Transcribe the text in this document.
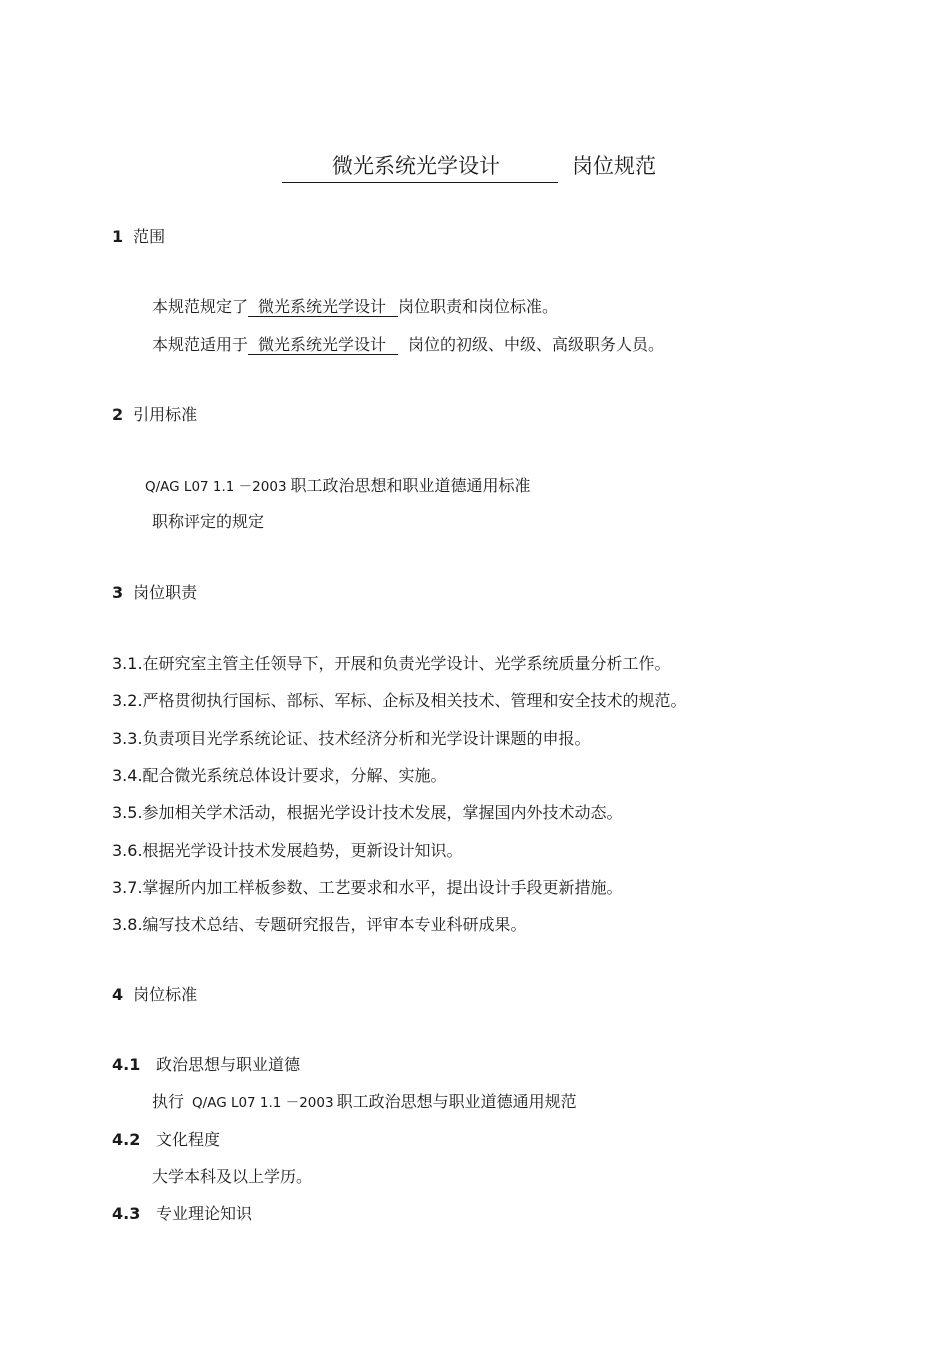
微光系统光学设计	岗位规范
1 范围
本规范规定了 微光系统光学设计 岗位职责和岗位标准。
本规范适用于 微光系统光学设计 岗位的初级、中级、高级职务人员。
2 引用标准
Q/AG L07 1.1 －2003 职工政治思想和职业道德通用标准
职称评定的规定
3 岗位职责
3.1.在研究室主管主任领导下，开展和负责光学设计、光学系统质量分析工作。
3.2.严格贯彻执行国标、部标、军标、企标及相关技术、管理和安全技术的规范。
3.3.负责项目光学系统论证、技术经济分析和光学设计课题的申报。
3.4.配合微光系统总体设计要求，分解、实施。
3.5.参加相关学术活动，根据光学设计技术发展，掌握国内外技术动态。
3.6.根据光学设计技术发展趋势，更新设计知识。
3.7.掌握所内加工样板参数、工艺要求和水平，提出设计手段更新措施。
3.8.编写技术总结、专题研究报告，评审本专业科研成果。
4 岗位标准
4.1 政治思想与职业道德
执行 Q/AG L07 1.1 －2003 职工政治思想与职业道德通用规范
4.2 文化程度
大学本科及以上学历。
4.3 专业理论知识
